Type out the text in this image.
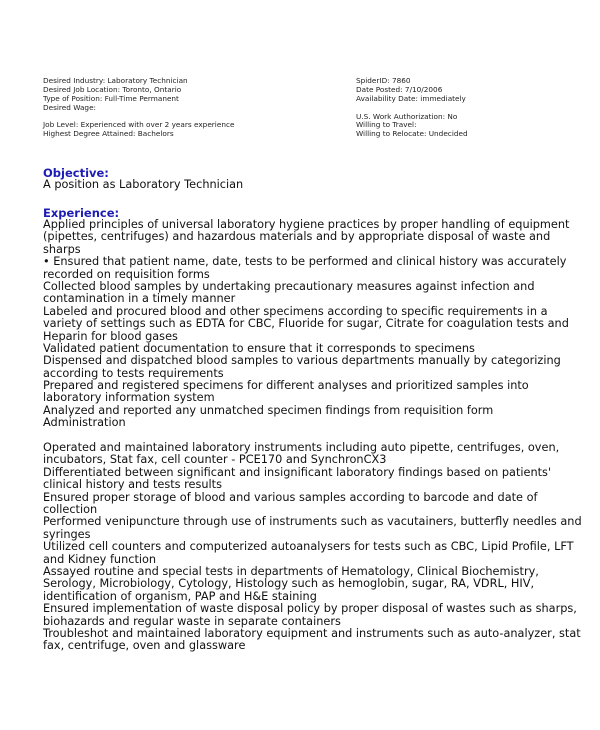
Desired Industry: Laboratory Technician
Desired Job Location: Toronto, Ontario
Type of Position: Full-Time Permanent
Desired Wage:
Job Level: Experienced with over 2 years experience
Highest Degree Attained: Bachelors
SpiderID: 7860
Date Posted: 7/10/2006
Availability Date: immediately
U.S. Work Authorization: No
Willing to Travel:
Willing to Relocate: Undecided
Objective:
A position as Laboratory Technician
Experience:
Applied principles of universal laboratory hygiene practices by proper handling of equipment
(pipettes, centrifuges) and hazardous materials and by appropriate disposal of waste and
sharps
• Ensured that patient name, date, tests to be performed and clinical history was accurately
recorded on requisition forms
Collected blood samples by undertaking precautionary measures against infection and
contamination in a timely manner
Labeled and procured blood and other specimens according to specific requirements in a
variety of settings such as EDTA for CBC, Fluoride for sugar, Citrate for coagulation tests and
Heparin for blood gases
Validated patient documentation to ensure that it corresponds to specimens
Dispensed and dispatched blood samples to various departments manually by categorizing
according to tests requirements
Prepared and registered specimens for different analyses and prioritized samples into
laboratory information system
Analyzed and reported any unmatched specimen findings from requisition form
Administration
Operated and maintained laboratory instruments including auto pipette, centrifuges, oven,
incubators, Stat fax, cell counter - PCE170 and SynchronCX3
Differentiated between significant and insignificant laboratory findings based on patients'
clinical history and tests results
Ensured proper storage of blood and various samples according to barcode and date of
collection
Performed venipuncture through use of instruments such as vacutainers, butterfly needles and
syringes
Utilized cell counters and computerized autoanalysers for tests such as CBC, Lipid Profile, LFT
and Kidney function
Assayed routine and special tests in departments of Hematology, Clinical Biochemistry,
Serology, Microbiology, Cytology, Histology such as hemoglobin, sugar, RA, VDRL, HIV,
identification of organism, PAP and H&E staining
Ensured implementation of waste disposal policy by proper disposal of wastes such as sharps,
biohazards and regular waste in separate containers
Troubleshot and maintained laboratory equipment and instruments such as auto-analyzer, stat
fax, centrifuge, oven and glassware
